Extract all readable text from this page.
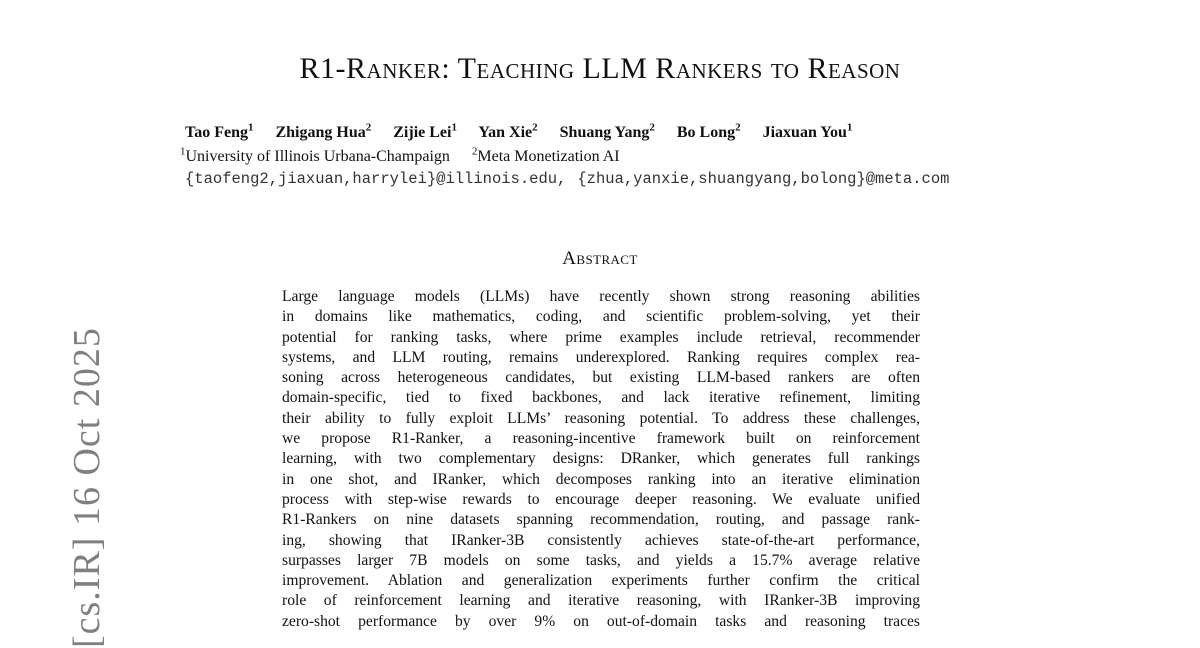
R1-Ranker: Teaching LLM Rankers to Reason
Tao Feng$^1$ Zhigang Hua$^2$ Zijie Lei$^1$ Yan Xie$^2$ Shuang Yang$^2$ Bo Long$^2$ Jiaxuan You$^1$
$^1$University of Illinois Urbana-Champaign $^2$Meta Monetization AI
{taofeng2,jiaxuan,harrylei}@illinois.edu, {zhua,yanxie,shuangyang,bolong}@meta.com
Abstract
Large language models (LLMs) have recently shown strong reasoning abilities
in domains like mathematics, coding, and scientific problem-solving, yet their
potential for ranking tasks, where prime examples include retrieval, recommender
systems, and LLM routing, remains underexplored. Ranking requires complex rea-
soning across heterogeneous candidates, but existing LLM-based rankers are often
domain-specific, tied to fixed backbones, and lack iterative refinement, limiting
their ability to fully exploit LLMs’ reasoning potential. To address these challenges,
we propose R1-Ranker, a reasoning-incentive framework built on reinforcement
learning, with two complementary designs: DRanker, which generates full rankings
in one shot, and IRanker, which decomposes ranking into an iterative elimination
process with step-wise rewards to encourage deeper reasoning. We evaluate unified
R1-Rankers on nine datasets spanning recommendation, routing, and passage rank-
ing, showing that IRanker-3B consistently achieves state-of-the-art performance,
surpasses larger 7B models on some tasks, and yields a 15.7% average relative
improvement. Ablation and generalization experiments further confirm the critical
role of reinforcement learning and iterative reasoning, with IRanker-3B improving
zero-shot performance by over 9% on out-of-domain tasks and reasoning traces
[cs.IR] 16 Oct 2025
